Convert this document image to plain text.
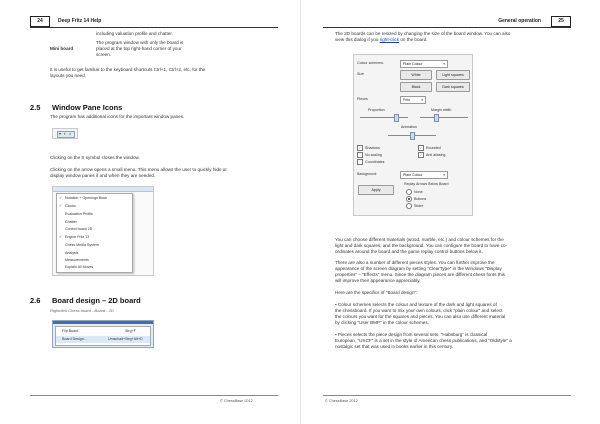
24	Deep Fritz 14 Help
including valuation profile and chatter.
Mini board
The program window with only the board is
placed at the top right-hand corner of your
screen.
It is useful to get familiar to the keyboard shortcuts Ctrl+1, Ctrl+2, etc. for the
layouts you need.
2.5 Window Pane Icons
The program has additional icons for the important window panes.
▾ ▪ ×
Clicking on the X symbol closes the window.
Clicking on the arrow opens a small menu. This menu allows the user to quickly hide or
display window panes if and when they are needed.
✓ Notation + Openings Book
✓ Clocks
Evaluation Profile
Chatter
Control board 2D
✓ Engine Fritz 13
Chess Media System
Analysis
Measurements
Explain All Moves
2.6 Board design – 2D board
Rightclick Chess board - Board - 2D
Flip Board	Strg+F
Board Design...	Umschalt+Strg+Alt+D
© ChessBase 2012
General operation	25
The 2D boards can be resized by changing the size of the board window. You can also
view this dialog if you right-click on the board.
Colour schemes:	Plain Colour ▾
Size	White	Light squares
Black	Dark squares
Pieces	Fritz ▾
Proportion	Margin width
Animation
✓ Shadows
No scaling
Coordinates
✓ Rounded
✓ Anti aliasing
Background:	Plain Colour ▾
Replay Arrows Below Board
None
Buttons
Slider
Apply
You can choose different materials (wood, marble, etc.) and colour schemes for the
light and dark squares, and the background. You can configure the board to have co-
ordinates around the board and the game replay control buttons below it.
There are also a number of different pieces styles. You can further improve the
appearance of the screen diagram by setting "ClearType" in the Windows "Display
properties" – "Effects" menu. Since the diagram pieces are different chess fonts this
will improve their appearance appreciably.
Here are the specifics of "Board design":
▪ Colour schemes selects the colour and texture of the dark and light squares of
the chessboard. If you want to mix your own colours, click "plain colour" and select
the colours you want for the squares and pieces. You can also use different material
by clicking "User BMP" in the colour schemes.
▪ Pieces selects the piece design from several sets. "Habsburg" is classical
European, "USCF" is a set in the style of American chess publications, and "Oldstyle" a
nostalgic set that was used in books earlier in this century.
© ChessBase 2012
